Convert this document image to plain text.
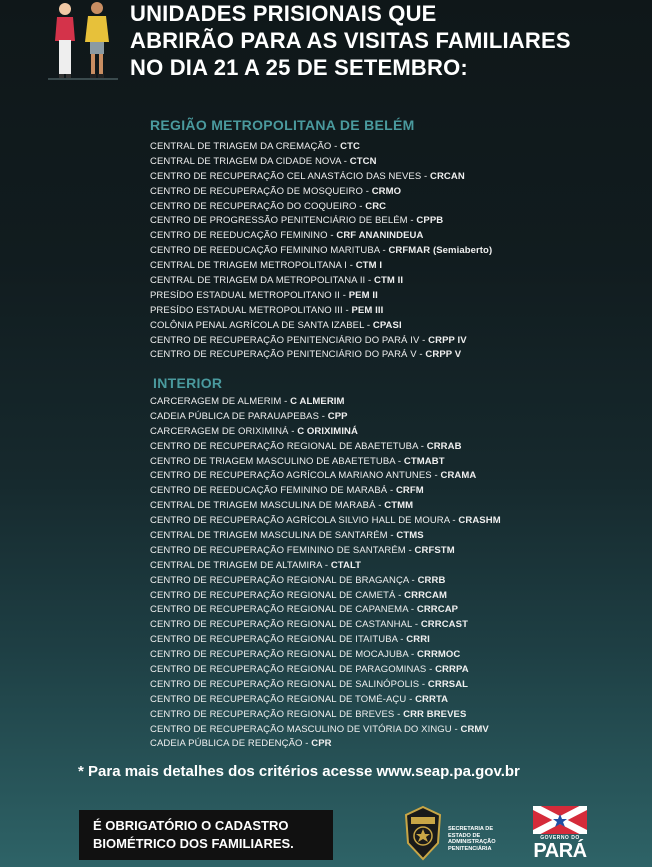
UNIDADES PRISIONAIS QUE
ABRIRÃO PARA AS VISITAS FAMILIARES
NO DIA 21 A 25 DE SETEMBRO:
REGIÃO METROPOLITANA DE BELÉM
CENTRAL DE TRIAGEM DA CREMAÇÃO - CTC
CENTRAL DE TRIAGEM DA CIDADE NOVA - CTCN
CENTRO DE RECUPERAÇÃO CEL ANASTÁCIO DAS NEVES - CRCAN
CENTRO DE RECUPERAÇÃO DE MOSQUEIRO - CRMO
CENTRO DE RECUPERAÇÃO DO COQUEIRO - CRC
CENTRO DE PROGRESSÃO PENITENCIÁRIO DE BELÉM - CPPB
CENTRO DE REEDUCAÇÃO FEMININO - CRF ANANINDEUA
CENTRO DE REEDUCAÇÃO FEMININO MARITUBA - CRFMAR (Semiaberto)
CENTRAL DE TRIAGEM METROPOLITANA I - CTM I
CENTRAL DE TRIAGEM DA METROPOLITANA II - CTM II
PRESÍDO ESTADUAL METROPOLITANO II - PEM II
PRESÍDO ESTADUAL METROPOLITANO III - PEM III
COLÔNIA PENAL AGRÍCOLA DE SANTA IZABEL - CPASI
CENTRO DE RECUPERAÇÃO PENITENCIÁRIO DO PARÁ IV - CRPP IV
CENTRO DE RECUPERAÇÃO PENITENCIÁRIO DO PARÁ V - CRPP V
INTERIOR
CARCERAGEM DE ALMERIM - C ALMERIM
CADEIA PÚBLICA DE PARAUAPEBAS - CPP
CARCERAGEM DE ORIXIMINÁ - C ORIXIMINÁ
CENTRO DE RECUPERAÇÃO REGIONAL DE ABAETETUBA - CRRAB
CENTRO DE TRIAGEM MASCULINO DE ABAETETUBA - CTMABT
CENTRO DE RECUPERAÇÃO AGRÍCOLA MARIANO ANTUNES - CRAMA
CENTRO DE REEDUCAÇÃO FEMININO DE MARABÁ - CRFM
CENTRAL DE TRIAGEM MASCULINA DE MARABÁ - CTMM
CENTRO DE RECUPERAÇÃO AGRÍCOLA SILVIO HALL DE MOURA - CRASHM
CENTRAL DE TRIAGEM MASCULINA DE SANTARÉM - CTMS
CENTRO DE RECUPERAÇÃO FEMININO DE SANTARÉM - CRFSTM
CENTRAL DE TRIAGEM DE ALTAMIRA - CTALT
CENTRO DE RECUPERAÇÃO REGIONAL DE BRAGANÇA - CRRB
CENTRO DE RECUPERAÇÃO REGIONAL DE CAMETÁ - CRRCAM
CENTRO DE RECUPERAÇÃO REGIONAL DE CAPANEMA - CRRCAP
CENTRO DE RECUPERAÇÃO REGIONAL DE CASTANHAL - CRRCAST
CENTRO DE RECUPERAÇÃO REGIONAL DE ITAITUBA - CRRI
CENTRO DE RECUPERAÇÃO REGIONAL DE MOCAJUBA - CRRMOC
CENTRO DE RECUPERAÇÃO REGIONAL DE PARAGOMINAS - CRRPA
CENTRO DE RECUPERAÇÃO REGIONAL DE SALINÓPOLIS - CRRSAL
CENTRO DE RECUPERAÇÃO REGIONAL DE TOMÉ-AÇU - CRRTA
CENTRO DE RECUPERAÇÃO REGIONAL DE BREVES - CRR BREVES
CENTRO DE RECUPERAÇÃO MASCULINO DE VITÓRIA DO XINGU - CRMV
CADEIA PÚBLICA DE REDENÇÃO - CPR

* Para mais detalhes dos critérios acesse www.seap.pa.gov.br

É OBRIGATÓRIO O CADASTRO
BIOMÉTRICO DOS FAMILIARES.
SECRETARIA DE
ESTADO DE ADMINISTRAÇÃO
PENITENCIÁRIA
GOVERNO DO
PARÁ
